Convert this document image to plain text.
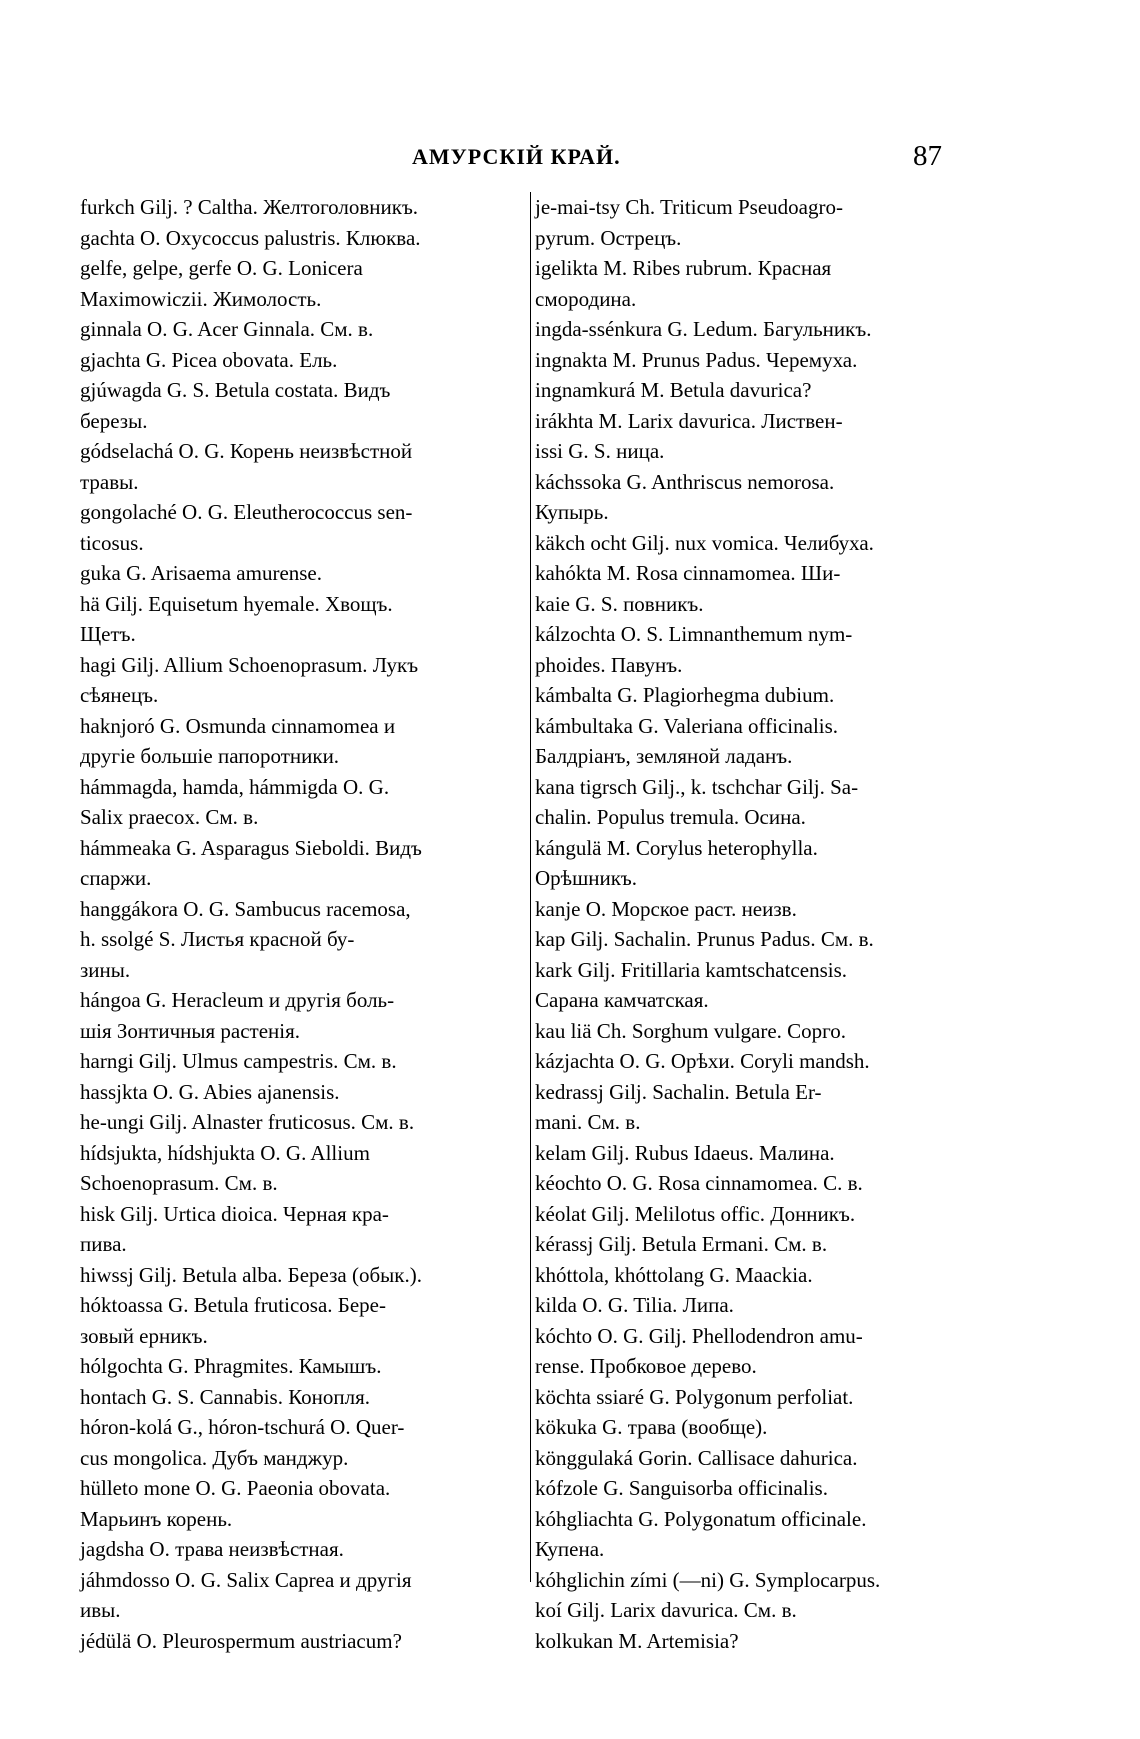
АМУРСКІЙ КРАЙ.	87

furkch Gilj. ? Caltha. Желтоголовникъ.

gachta O. Oxycoccus palustris. Клюква.

gelfe, gelpe, gerfe O. G. Lonicera
Maximowiczii. Жимолость.

ginnala O. G. Acer Ginnala. См. в.

gjachta G. Picea obovata. Ель.

gjúwagda G. S. Betula costata. Видъ
березы.

gódselachá O. G. Корень неизвѣстной
травы.

gongolaché O. G. Eleutherococcus sen-
ticosus.

guka G. Arisaema amurense.

hä Gilj. Equisetum hyemale. Хвощъ.
Щетъ.

hagi Gilj. Allium Schoenoprasum. Лукъ
сѣянецъ.

haknjoró G. Osmunda cinnamomea и
другіе большіе папоротники.

hámmagda, hamda, hámmigda O. G.
Salix praecox. См. в.

hámmeaka G. Asparagus Sieboldi. Видъ
спаржи.

hanggákora O. G. Sambucus racemosa,
h. ssolgé S. Листья красной бу-
зины.

hángoa G. Heracleum и другія боль-
шія Зонтичныя растенія.

harngi Gilj. Ulmus campestris. См. в.

hassjkta O. G. Abies ajanensis.

he-ungi Gilj. Alnaster fruticosus. См. в.

hídsjukta, hídshjukta O. G. Allium
Schoenoprasum. См. в.

hisk Gilj. Urtica dioica. Черная кра-
пива.

hiwssj Gilj. Betula alba. Береза (обык.).

hóktoassa G. Betula fruticosa. Бере-
зовый ерникъ.

hólgochta G. Phragmites. Камышъ.

hontach G. S. Cannabis. Конопля.

hóron-kolá G., hóron-tschurá O. Quer-
cus mongolica. Дубъ манджур.

hülleto mone O. G. Paeonia obovata.
Марьинъ корень.

jagdsha O. трава неизвѣстная.

jáhmdosso O. G. Salix Caprea и другія
ивы.

jédülä O. Pleurospermum austriacum?

je-mai-tsy Ch. Triticum Pseudoagro-
pyrum. Острецъ.

igelikta M. Ribes rubrum. Красная
смородина.

ingda-ssénkura G. Ledum. Багульникъ.

ingnakta M. Prunus Padus. Черемуха.

ingnamkurá M. Betula davurica?

irákhta M. Larix davurica. Листвен-
issi G. S. ница.

káchssoka G. Anthriscus nemorosa.
Купырь.

käkch ocht Gilj. nux vomica. Челибуха.

kahókta M. Rosa cinnamomea. Ши-
kaie G. S. повникъ.

kálzochta O. S. Limnanthemum nym-
phoides. Павунъ.

kámbalta G. Plagiorhegma dubium.

kámbultaka G. Valeriana officinalis.
Балдріанъ, земляной ладанъ.

kana tigrsch Gilj., k. tschchar Gilj. Sa-
chalin. Populus tremula. Осина.

kángulä M. Corylus heterophylla.
Орѣшникъ.

kanje O. Морское раст. неизв.

kap Gilj. Sachalin. Prunus Padus. См. в.

kark Gilj. Fritillaria kamtschatcensis.
Сарана камчатская.

kau liä Ch. Sorghum vulgare. Сорго.

kázjachta O. G. Орѣхи. Coryli mandsh.

kedrassj Gilj. Sachalin. Betula Er-
mani. См. в.

kelam Gilj. Rubus Idaeus. Малина.

kéochto O. G. Rosa cinnamomea. С. в.

kéolat Gilj. Melilotus offic. Донникъ.

kérassj Gilj. Betula Ermani. См. в.

khóttola, khóttolang G. Maackia.

kilda O. G. Tilia. Липа.

kóchto O. G. Gilj. Phellodendron amu-
rense. Пробковое дерево.

köchta ssiaré G. Polygonum perfoliat.

kökuka G. трава (вообще).

könggulaká Gorin. Callisace dahurica.

kófzole G. Sanguisorba officinalis.

kóhgliachta G. Polygonatum officinale.
Купена.

kóhglichin zími (—ni) G. Symplocarpus.

koí Gilj. Larix davurica. См. в.

kolkukan M. Artemisia?
